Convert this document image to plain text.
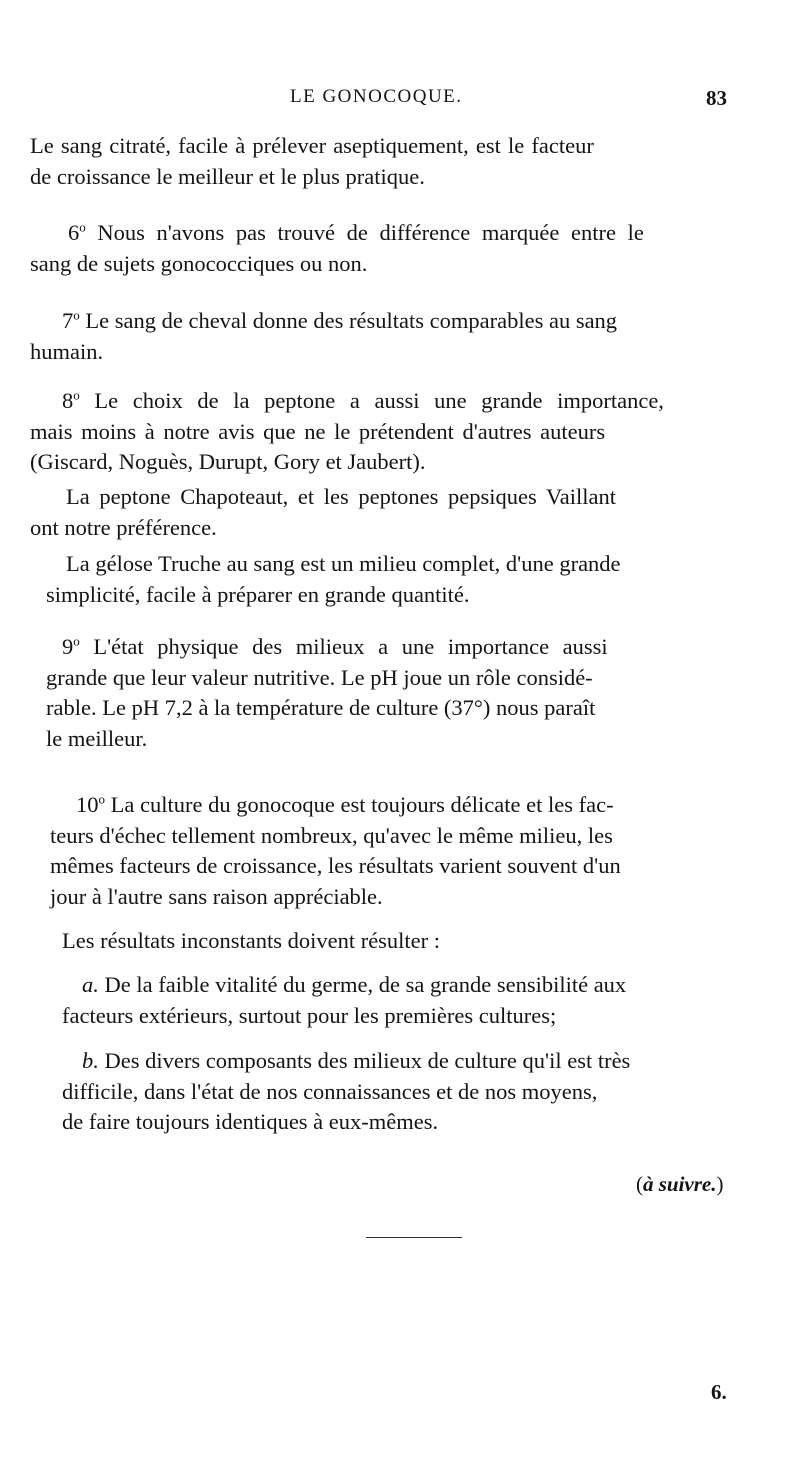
LE GONOCOQUE.	83

Le sang citraté, facile à prélever aseptiquement, est le facteur
de croissance le meilleur et le plus pratique.

6$^o$ Nous n'avons pas trouvé de différence marquée entre le
sang de sujets gonococciques ou non.

7$^o$ Le sang de cheval donne des résultats comparables au sang
humain.

8$^o$ Le choix de la peptone a aussi une grande importance,
mais moins à notre avis que ne le prétendent d'autres auteurs
(Giscard, Noguès, Durupt, Gory et Jaubert).

La peptone Chapoteaut, et les peptones pepsiques Vaillant
ont notre préférence.

La gélose Truche au sang est un milieu complet, d'une grande
simplicité, facile à préparer en grande quantité.

9$^o$ L'état physique des milieux a une importance aussi
grande que leur valeur nutritive. Le pH joue un rôle considé-
rable. Le pH 7,2 à la température de culture (37°) nous paraît
le meilleur.

10$^o$ La culture du gonocoque est toujours délicate et les fac-
teurs d'échec tellement nombreux, qu'avec le même milieu, les
mêmes facteurs de croissance, les résultats varient souvent d'un
jour à l'autre sans raison appréciable.

Les résultats inconstants doivent résulter :

a. De la faible vitalité du germe, de sa grande sensibilité aux
facteurs extérieurs, surtout pour les premières cultures;

b. Des divers composants des milieux de culture qu'il est très
difficile, dans l'état de nos connaissances et de nos moyens,
de faire toujours identiques à eux-mêmes.

(à suivre.)
6.
